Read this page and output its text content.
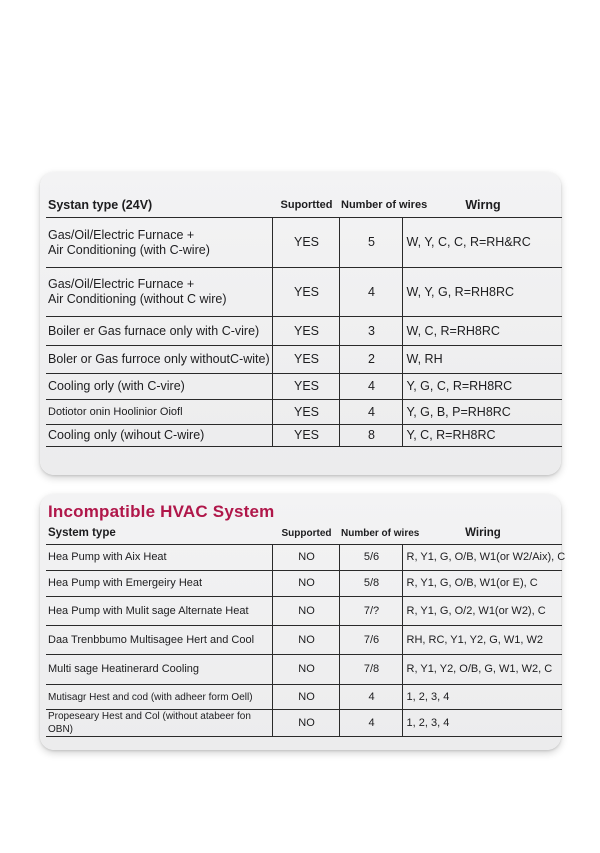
Systan type (24V)	Suportted	Number of wires	Wirng

Gas/Oil/Electric Furnace +
Air Conditioning (with C-wire)	YES	5	W, Y, C, C, R=RH&RC

Gas/Oil/Electric Furnace +
Air Conditioning (without C wire)	YES	4	W, Y, G, R=RH8RC
Boiler er Gas furnace only with C-vire)	YES	3	W, C, R=RH8RC
Boler or Gas furroce only withoutC-wite)	YES	2	W, RH
Cooling orly (with C-vire)	YES	4	Y, G, C, R=RH8RC
Dotiotor onin Hoolinior Oiofl	YES	4	Y, G, B, P=RH8RC
Cooling only (wihout C-wire)	YES	8	Y, C, R=RH8RC
Incompatible HVAC System
System type	Supported	Number of wires	Wiring
Hea Pump with Aix Heat	NO	5/6	R, Y1, G, O/B, W1(or W2/Aix), C
Hea Pump with Emergeiry Heat	NO	5/8	R, Y1, G, O/B, W1(or E), C
Hea Pump with Mulit sage Alternate Heat	NO	7/?	R, Y1, G, O/2, W1(or W2), C
Daa Trenbbumo Multisagee Hert and Cool	NO	7/6	RH, RC, Y1, Y2, G, W1, W2
Multi sage Heatinerard Cooling	NO	7/8	R, Y1, Y2, O/B, G, W1, W2, C
Mutisagr Hest and cod (with adheer form Oell)	NO	4	1, 2, 3, 4
Propeseary Hest and Col (without atabeer fon OBN)	NO	4	1, 2, 3, 4
